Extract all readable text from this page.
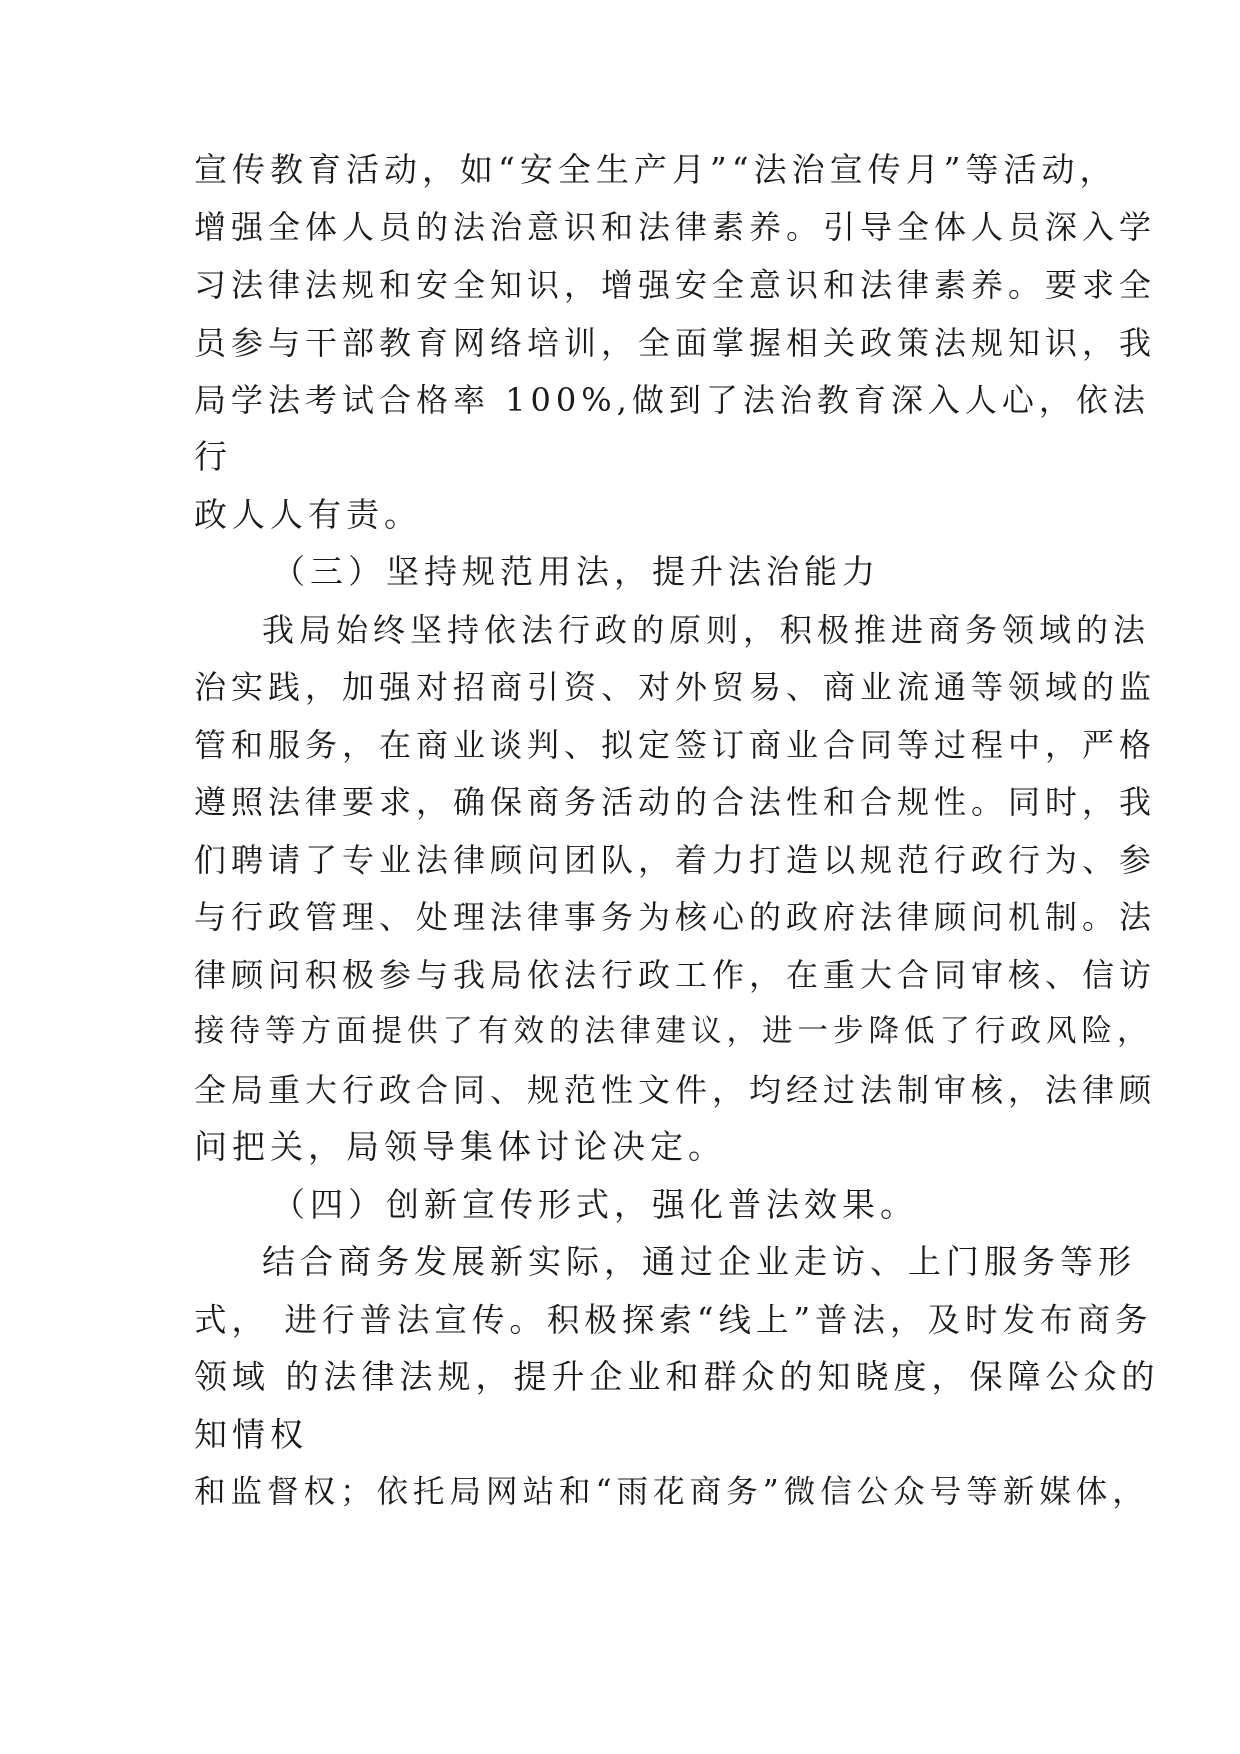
宣传教育活动，如“安全生产月”“法治宣传月”等活动，
增强全体人员的法治意识和法律素养。引导全体人员深入学
习法律法规和安全知识，增强安全意识和法律素养。要求全
员参与干部教育网络培训，全面掌握相关政策法规知识，我
局学法考试合格率 100%,做到了法治教育深入人心，依法
行
政人人有责。
（三）坚持规范用法，提升法治能力
我局始终坚持依法行政的原则，积极推进商务领域的法
治实践，加强对招商引资、对外贸易、商业流通等领域的监
管和服务，在商业谈判、拟定签订商业合同等过程中，严格
遵照法律要求，确保商务活动的合法性和合规性。同时，我
们聘请了专业法律顾问团队，着力打造以规范行政行为、参
与行政管理、处理法律事务为核心的政府法律顾问机制。法
律顾问积极参与我局依法行政工作，在重大合同审核、信访
接待等方面提供了有效的法律建议，进一步降低了行政风险，
全局重大行政合同、规范性文件，均经过法制审核，法律顾
问把关，局领导集体讨论决定。
（四）创新宣传形式，强化普法效果。
结合商务发展新实际，通过企业走访、上门服务等形
式， 进行普法宣传。积极探索“线上”普法，及时发布商务
领域 的法律法规，提升企业和群众的知晓度，保障公众的
知情权
和监督权；依托局网站和“雨花商务”微信公众号等新媒体，
